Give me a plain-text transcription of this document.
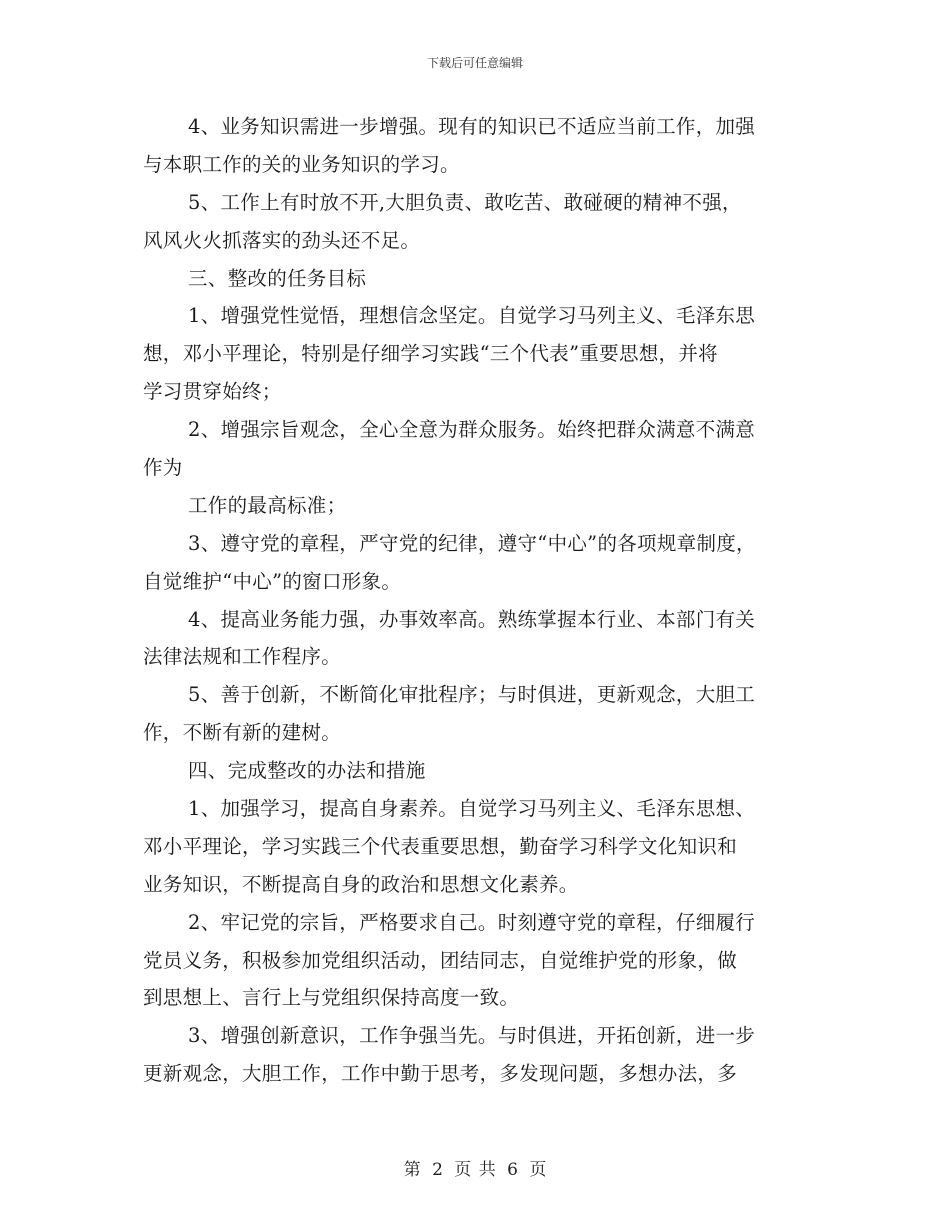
下载后可任意编辑
4、业务知识需进一步增强。现有的知识已不适应当前工作，加强
与本职工作的关的业务知识的学习。
5、工作上有时放不开,大胆负责、敢吃苦、敢碰硬的精神不强，
风风火火抓落实的劲头还不足。
三、整改的任务目标
1、增强党性觉悟，理想信念坚定。自觉学习马列主义、毛泽东思
想，邓小平理论，特别是仔细学习实践“三个代表”重要思想，并将
学习贯穿始终；
2、增强宗旨观念，全心全意为群众服务。始终把群众满意不满意
作为
工作的最高标准；
3、遵守党的章程，严守党的纪律，遵守“中心”的各项规章制度，
自觉维护“中心”的窗口形象。
4、提高业务能力强，办事效率高。熟练掌握本行业、本部门有关
法律法规和工作程序。
5、善于创新，不断简化审批程序；与时俱进，更新观念，大胆工
作，不断有新的建树。
四、完成整改的办法和措施
1、加强学习，提高自身素养。自觉学习马列主义、毛泽东思想、
邓小平理论，学习实践三个代表重要思想，勤奋学习科学文化知识和
业务知识，不断提高自身的政治和思想文化素养。
2、牢记党的宗旨，严格要求自己。时刻遵守党的章程，仔细履行
党员义务，积极参加党组织活动，团结同志，自觉维护党的形象，做
到思想上、言行上与党组织保持高度一致。
3、增强创新意识，工作争强当先。与时俱进，开拓创新，进一步
更新观念，大胆工作，工作中勤于思考，多发现问题，多想办法，多
第 2 页 共 6 页
